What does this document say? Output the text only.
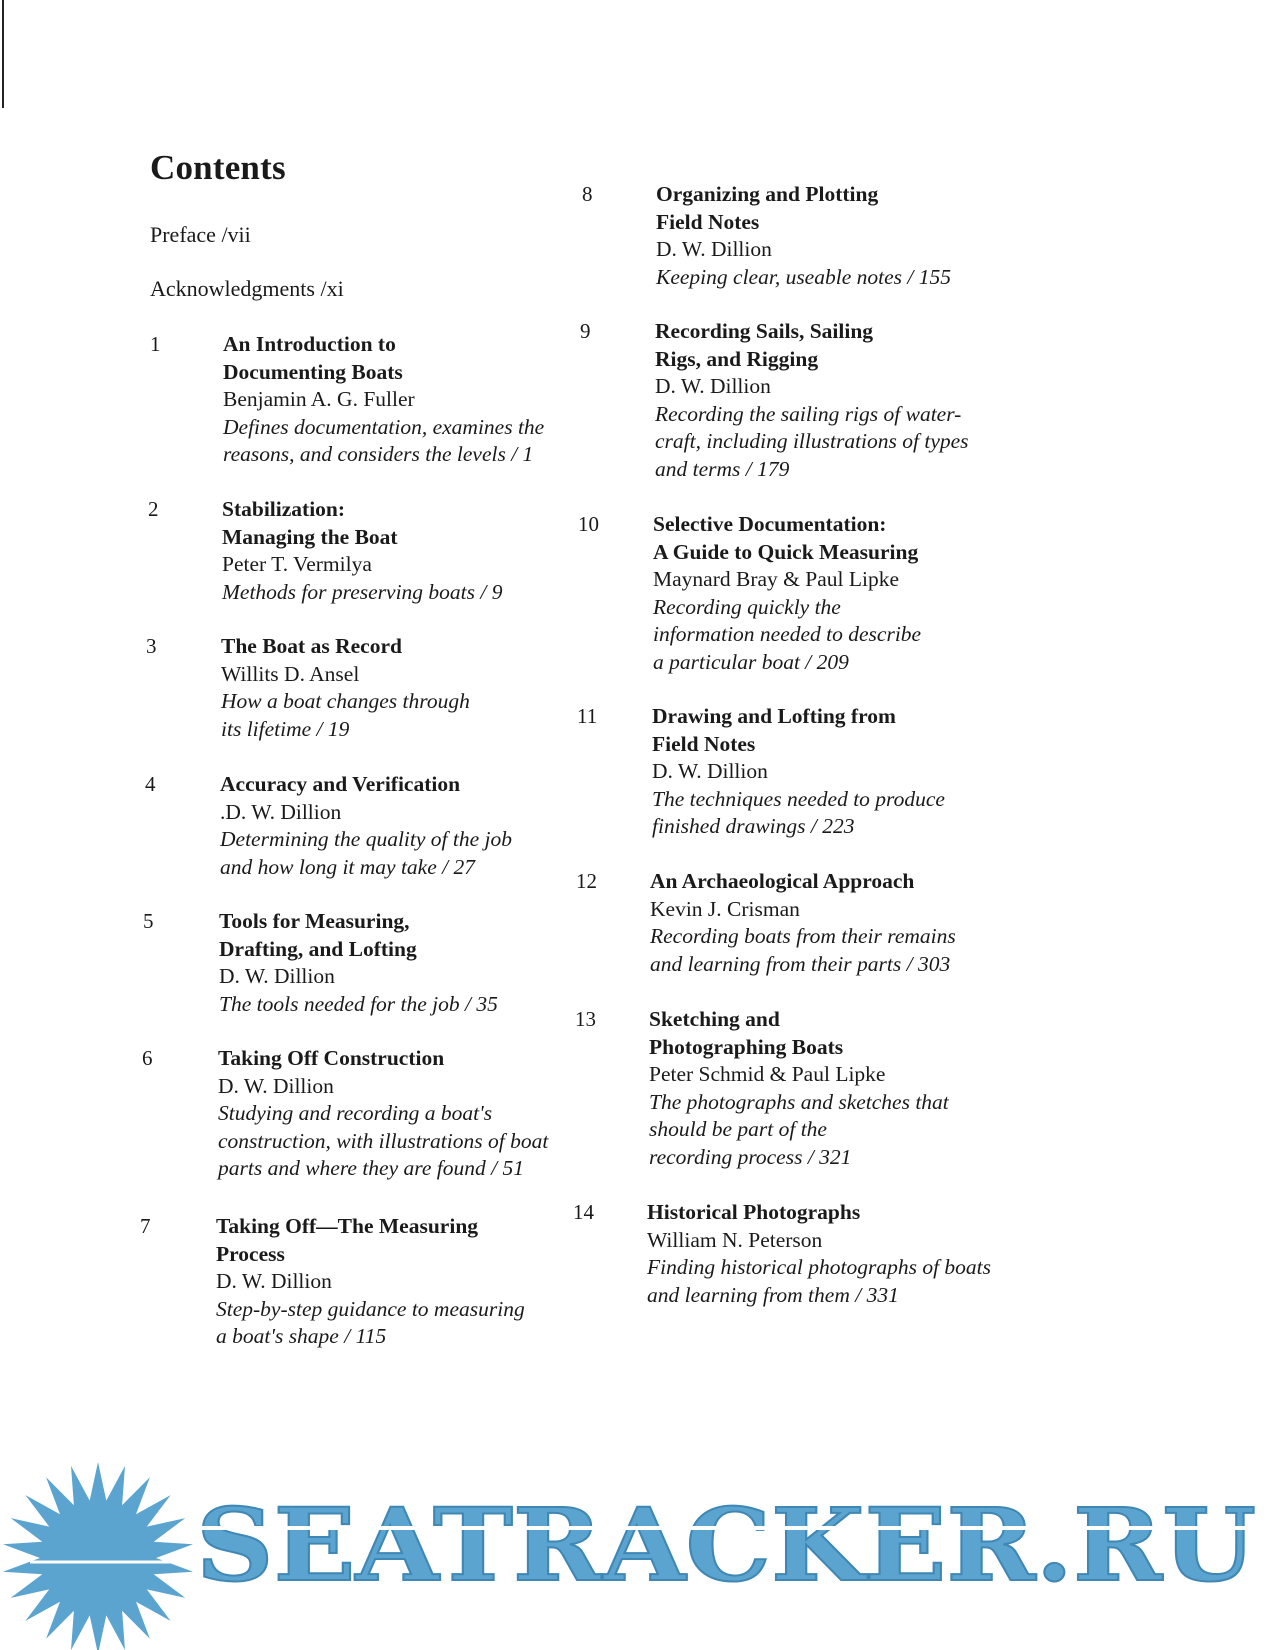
Contents
Preface /vii
Acknowledgments /xi
1	An Introduction to
Documenting Boats
Benjamin A. G. Fuller
Defines documentation, examines the
reasons, and considers the levels / 1
2	Stabilization:
Managing the Boat
Peter T. Vermilya
Methods for preserving boats / 9
3	The Boat as Record
Willits D. Ansel
How a boat changes through
its lifetime / 19
4	Accuracy and Verification
.D. W. Dillion
Determining the quality of the job
and how long it may take / 27
5	Tools for Measuring,
Drafting, and Lofting
D. W. Dillion
The tools needed for the job / 35
6	Taking Off Construction
D. W. Dillion
Studying and recording a boat's
construction, with illustrations of boat
parts and where they are found / 51
7	Taking Off—The Measuring
Process
D. W. Dillion
Step-by-step guidance to measuring
a boat's shape / 115
8	Organizing and Plotting
Field Notes
D. W. Dillion
Keeping clear, useable notes / 155
9	Recording Sails, Sailing
Rigs, and Rigging
D. W. Dillion
Recording the sailing rigs of water-
craft, including illustrations of types
and terms / 179
10	Selective Documentation:
A Guide to Quick Measuring
Maynard Bray & Paul Lipke
Recording quickly the
information needed to describe
a particular boat / 209
11	Drawing and Lofting from
Field Notes
D. W. Dillion
The techniques needed to produce
finished drawings / 223
12 An Archaeological Approach
Kevin J. Crisman
Recording boats from their remains
and learning from their parts / 303
13 Sketching and
Photographing Boats
Peter Schmid & Paul Lipke
The photographs and sketches that
should be part of the
recording process / 321
14 Historical Photographs
William N. Peterson
Finding historical photographs of boats
and learning from them / 331
SEATRACKER.RU
